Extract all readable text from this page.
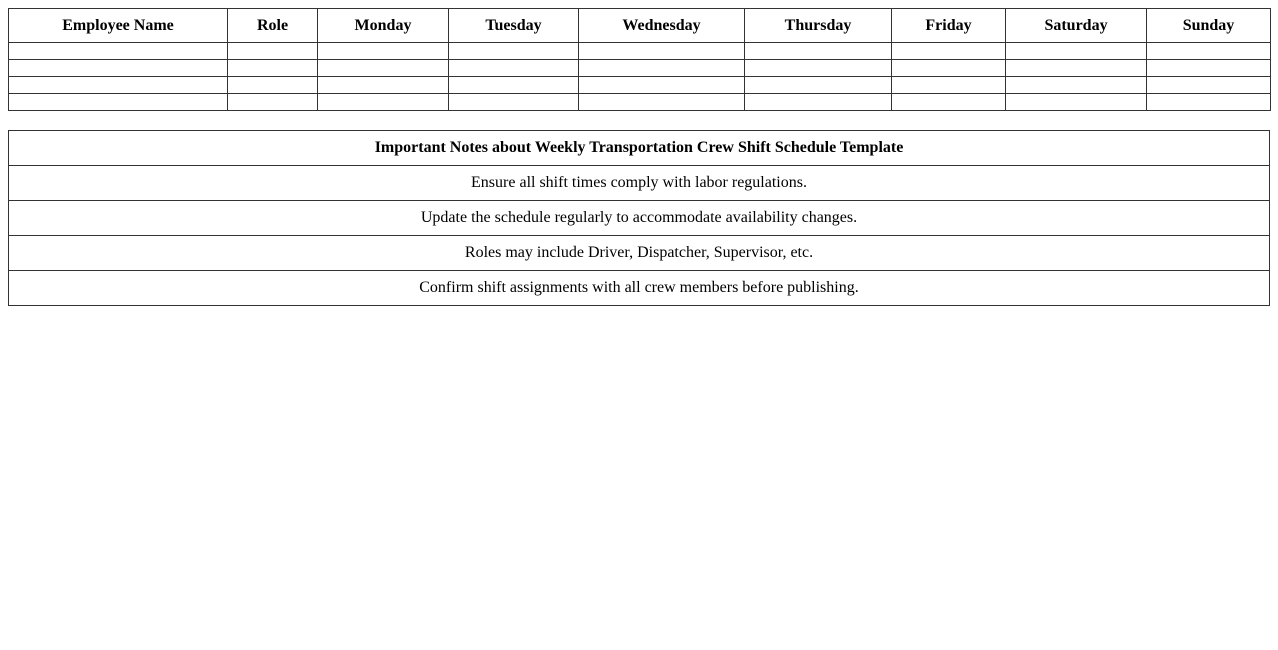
Employee Name	Role	Monday	Tuesday	Wednesday	Thursday	Friday	Saturday	Sunday

Important Notes about Weekly Transportation Crew Shift Schedule Template
Ensure all shift times comply with labor regulations.
Update the schedule regularly to accommodate availability changes.
Roles may include Driver, Dispatcher, Supervisor, etc.
Confirm shift assignments with all crew members before publishing.
